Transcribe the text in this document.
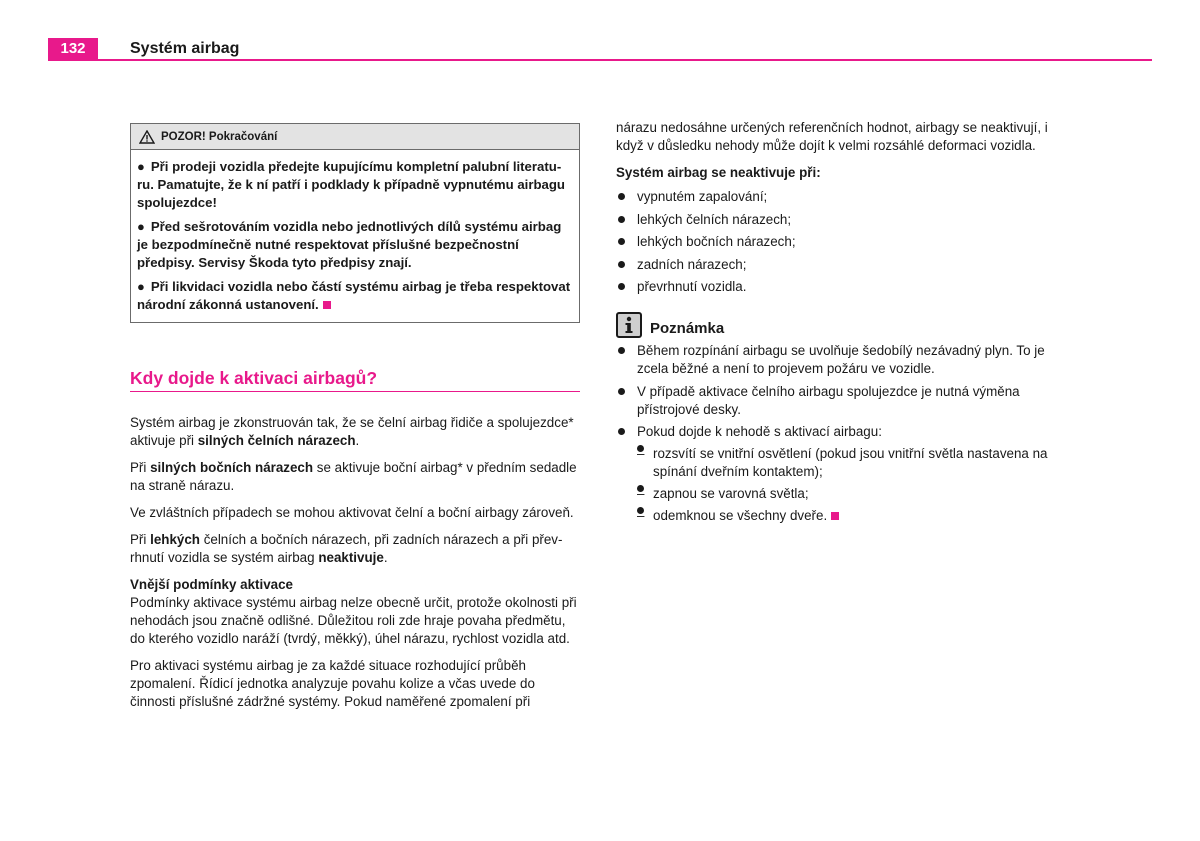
132	Systém airbag
POZOR! Pokračování

● Při prodeji vozidla předejte kupujícímu kompletní palubní literaturu. Pamatujte, že k ní patří i podklady k případně vypnutému airbagu spolujezdce!

● Před sešrotováním vozidla nebo jednotlivých dílů systému airbag je bezpodmínečně nutné respektovat příslušné bezpečnostní předpisy. Servisy Škoda tyto předpisy znají.

● Při likvidaci vozidla nebo částí systému airbag je třeba respektovat národní zákonná ustanovení.

Kdy dojde k aktivaci airbagů?

Systém airbag je zkonstruován tak, že se čelní airbag řidiče a spolujezdce* aktivuje při silných čelních nárazech.

Při silných bočních nárazech se aktivuje boční airbag* v předním sedadle na straně nárazu.

Ve zvláštních případech se mohou aktivovat čelní a boční airbagy zároveň.

Při lehkých čelních a bočních nárazech, při zadních nárazech a při převrhnutí vozidla se systém airbag neaktivuje.

Vnější podmínky aktivace

Podmínky aktivace systému airbag nelze obecně určit, protože okolnosti při nehodách jsou značně odlišné. Důležitou roli zde hraje povaha předmětu, do kterého vozidlo naráží (tvrdý, měkký), úhel nárazu, rychlost vozidla atd.

Pro aktivaci systému airbag je za každé situace rozhodující průběh zpomalení. Řídicí jednotka analyzuje povahu kolize a včas uvede do činnosti příslušné zádržné systémy. Pokud naměřené zpomalení při

nárazu nedosáhne určených referenčních hodnot, airbagy se neaktivují, i když v důsledku nehody může dojít k velmi rozsáhlé deformaci vozidla.

Systém airbag se neaktivuje při:

vypnutém zapalování;
lehkých čelních nárazech;
lehkých bočních nárazech;
zadních nárazech;
převrhnutí vozidla.
Poznámka
Během rozpínání airbagu se uvolňuje šedobílý nezávadný plyn. To je zcela běžné a není to projevem požáru ve vozidle.
V případě aktivace čelního airbagu spolujezdce je nutná výměna přístrojové desky.
Pokud dojde k nehodě s aktivací airbagu:
– rozsvítí se vnitřní osvětlení (pokud jsou vnitřní světla nastavena na spínání dveřním kontaktem);
– zapnou se varovná světla;
– odemknou se všechny dveře.
